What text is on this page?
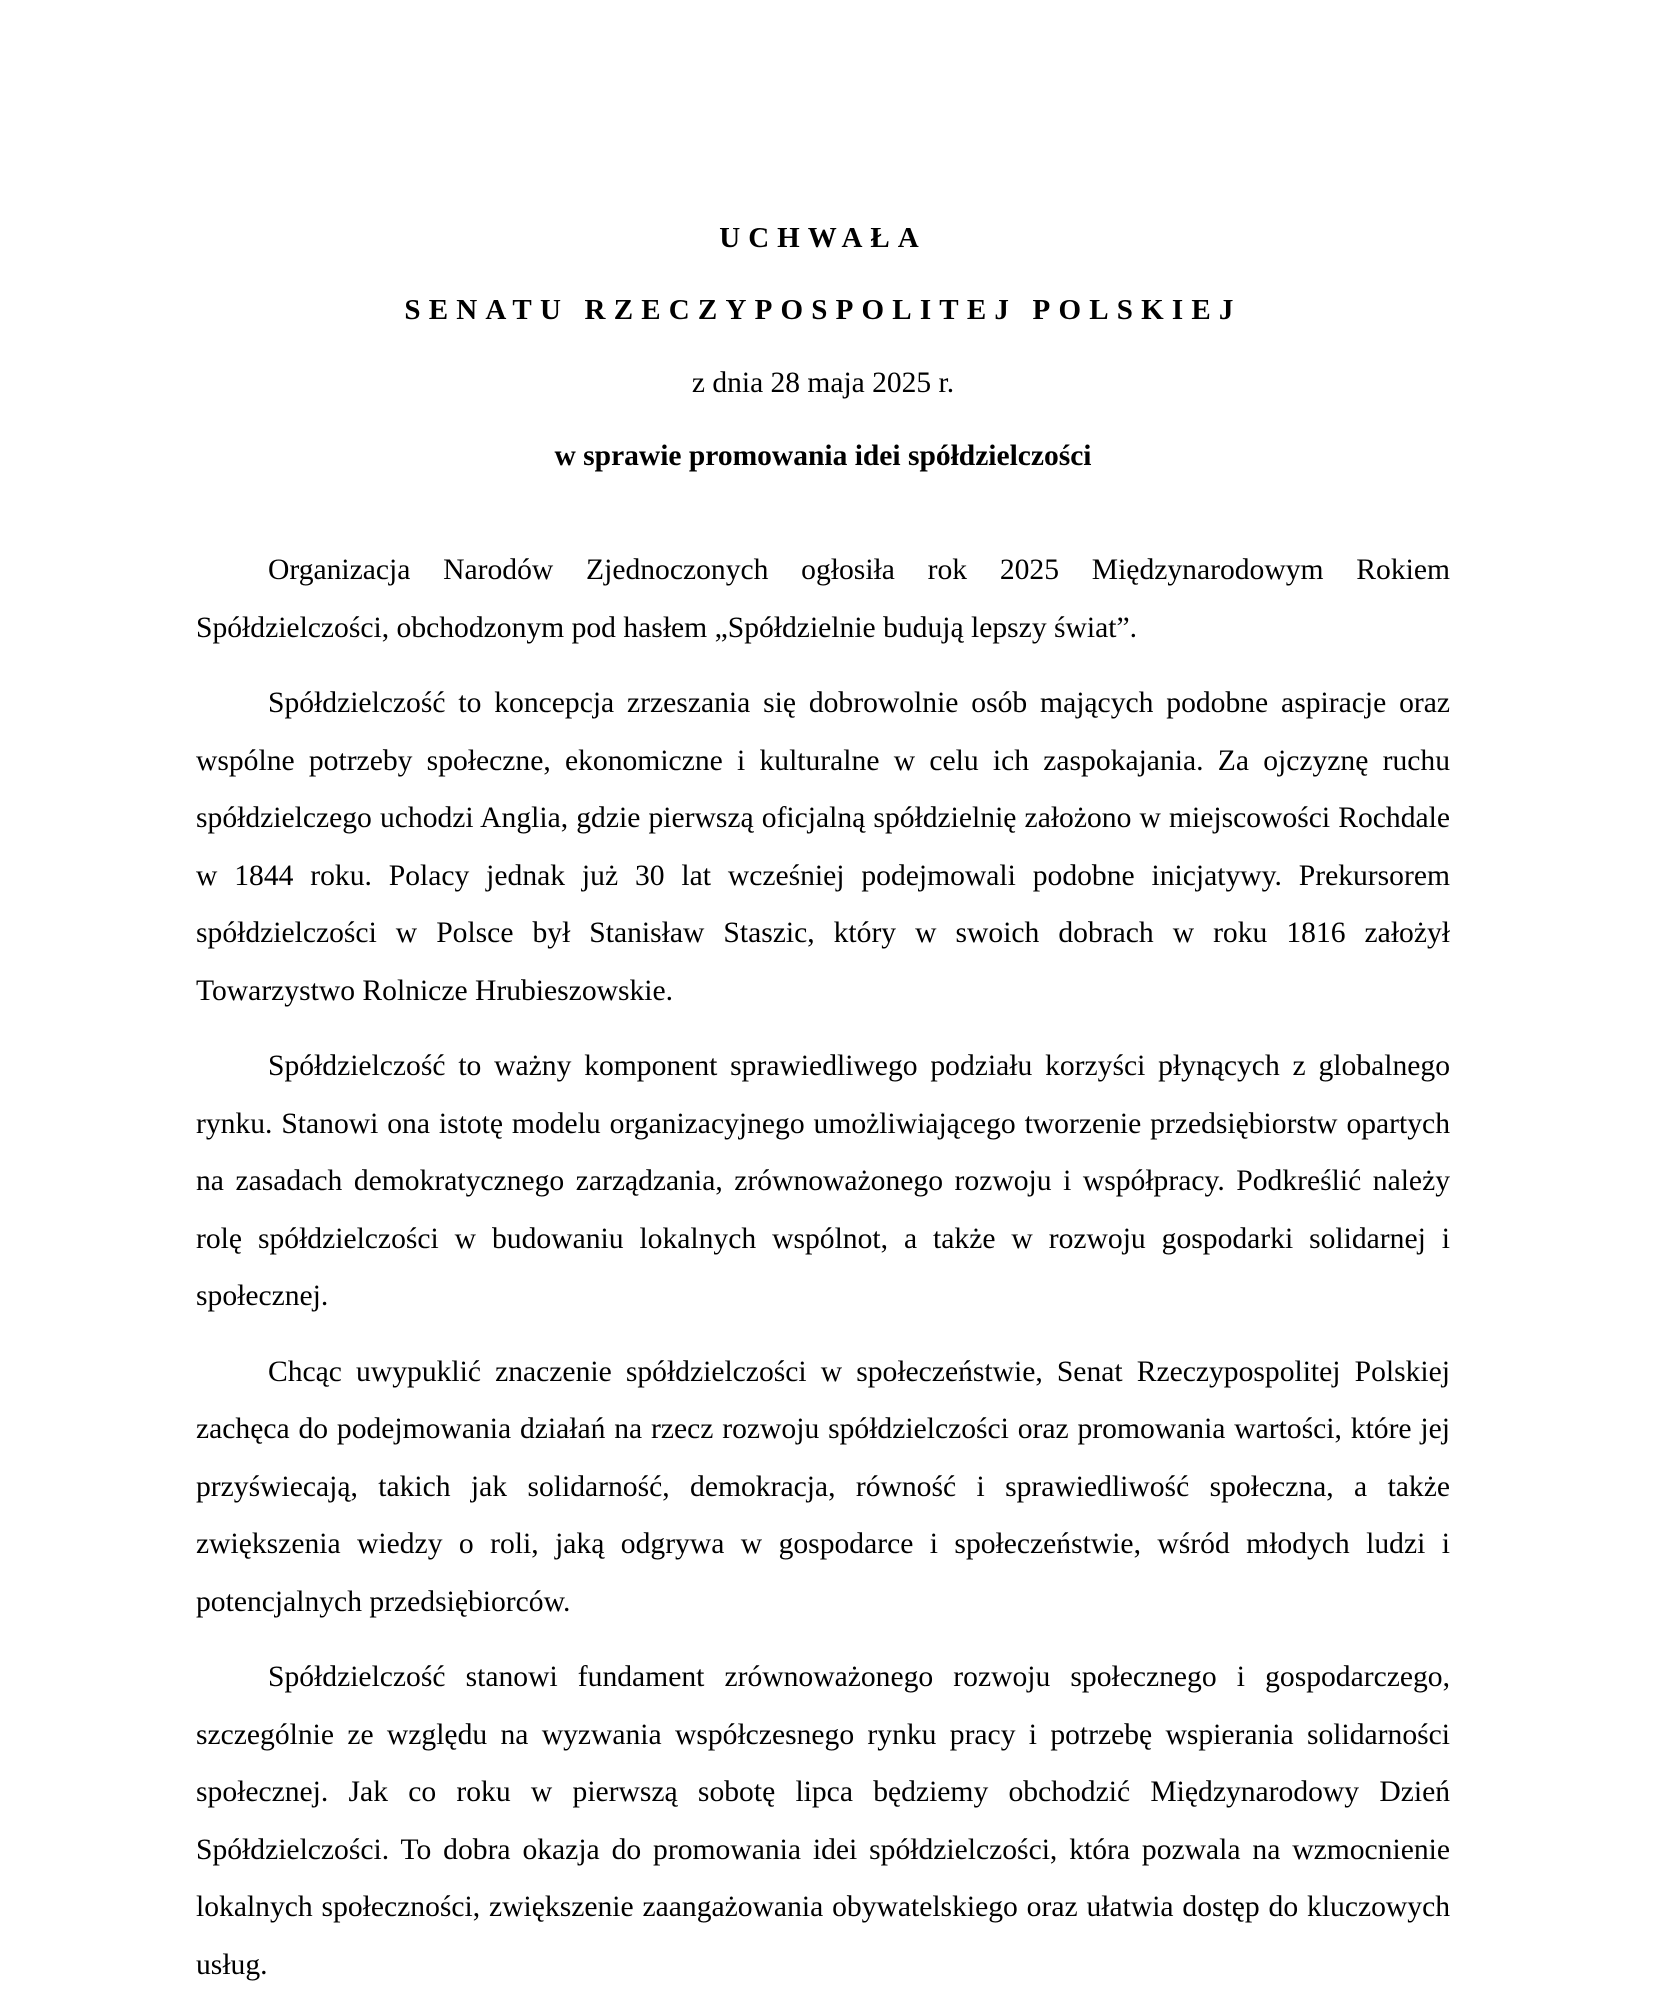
UCHWAŁA
SENATU RZECZYPOSPOLITEJ POLSKIEJ
z dnia 28 maja 2025 r.
w sprawie promowania idei spółdzielczości

Organizacja Narodów Zjednoczonych ogłosiła rok 2025 Międzynarodowym Rokiem Spółdzielczości, obchodzonym pod hasłem „Spółdzielnie budują lepszy świat”.

Spółdzielczość to koncepcja zrzeszania się dobrowolnie osób mających podobne aspiracje oraz wspólne potrzeby społeczne, ekonomiczne i kulturalne w celu ich zaspokajania. Za ojczyznę ruchu spółdzielczego uchodzi Anglia, gdzie pierwszą oficjalną spółdzielnię założono w miejscowości Rochdale w 1844 roku. Polacy jednak już 30 lat wcześniej podejmowali podobne inicjatywy. Prekursorem spółdzielczości w Polsce był Stanisław Staszic, który w swoich dobrach w roku 1816 założył Towarzystwo Rolnicze Hrubieszowskie.

Spółdzielczość to ważny komponent sprawiedliwego podziału korzyści płynących z globalnego rynku. Stanowi ona istotę modelu organizacyjnego umożliwiającego tworzenie przedsiębiorstw opartych na zasadach demokratycznego zarządzania, zrównoważonego rozwoju i współpracy. Podkreślić należy rolę spółdzielczości w budowaniu lokalnych wspólnot, a także w rozwoju gospodarki solidarnej i społecznej.

Chcąc uwypuklić znaczenie spółdzielczości w społeczeństwie, Senat Rzeczypospolitej Polskiej zachęca do podejmowania działań na rzecz rozwoju spółdzielczości oraz promowania wartości, które jej przyświecają, takich jak solidarność, demokracja, równość i sprawiedliwość społeczna, a także zwiększenia wiedzy o roli, jaką odgrywa w gospodarce i społeczeństwie, wśród młodych ludzi i potencjalnych przedsiębiorców.

Spółdzielczość stanowi fundament zrównoważonego rozwoju społecznego i gospodarczego, szczególnie ze względu na wyzwania współczesnego rynku pracy i potrzebę wspierania solidarności społecznej. Jak co roku w pierwszą sobotę lipca będziemy obchodzić Międzynarodowy Dzień Spółdzielczości. To dobra okazja do promowania idei spółdzielczości, która pozwala na wzmocnienie lokalnych społeczności, zwiększenie zaangażowania obywatelskiego oraz ułatwia dostęp do kluczowych usług.
